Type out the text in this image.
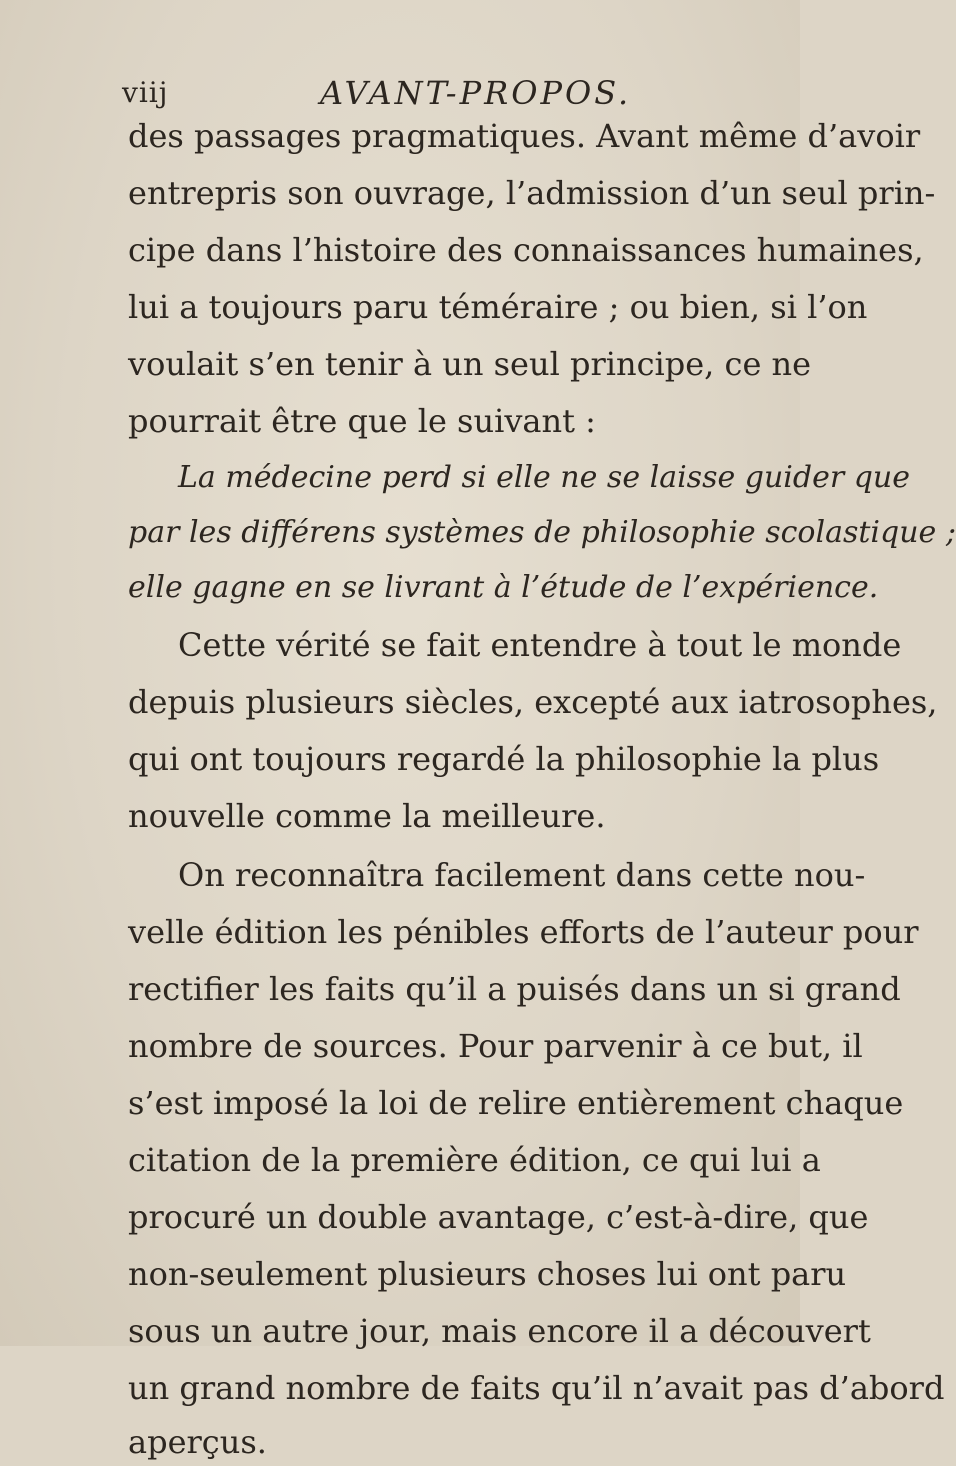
viij	AVANT-PROPOS.
des passages pragmatiques. Avant même d’avoir
entrepris son ouvrage, l’admission d’un seul prin-
cipe dans l’histoire des connaissances humaines,
lui a toujours paru téméraire ; ou bien, si l’on
voulait s’en tenir à un seul principe, ce ne
pourrait être que le suivant :
La médecine perd si elle ne se laisse guider que
par les différens systèmes de philosophie scolastique ;
elle gagne en se livrant à l’étude de l’expérience.
Cette vérité se fait entendre à tout le monde
depuis plusieurs siècles, excepté aux iatrosophes,
qui ont toujours regardé la philosophie la plus
nouvelle comme la meilleure.
On reconnaîtra facilement dans cette nou-
velle édition les pénibles efforts de l’auteur pour
rectifier les faits qu’il a puisés dans un si grand
nombre de sources. Pour parvenir à ce but, il
s’est imposé la loi de relire entièrement chaque
citation de la première édition, ce qui lui a
procuré un double avantage, c’est-à-dire, que
non-seulement plusieurs choses lui ont paru
sous un autre jour, mais encore il a découvert
un grand nombre de faits qu’il n’avait pas d’abord
aperçus.
